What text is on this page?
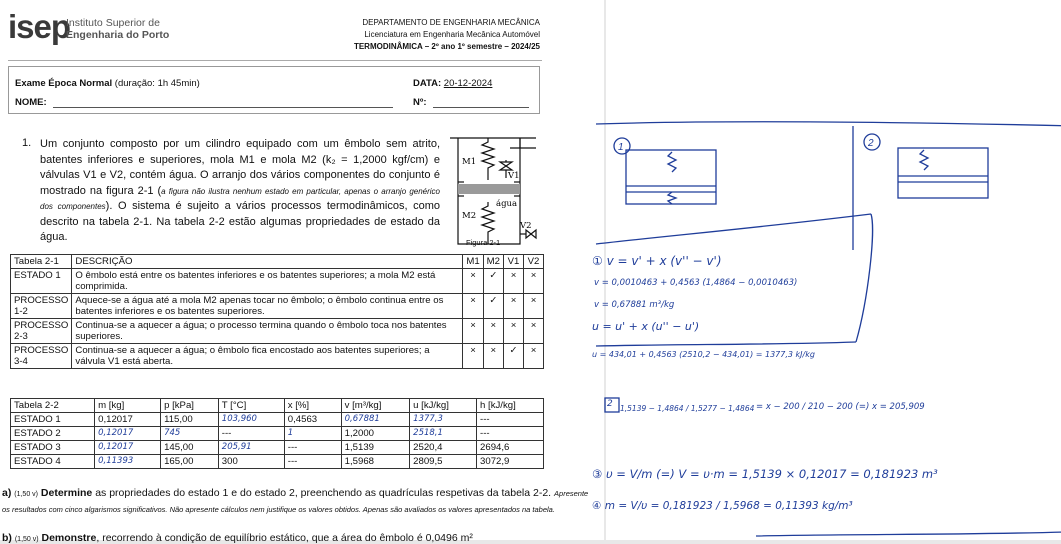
isep
Instituto Superior de
Engenharia do Porto
DEPARTAMENTO DE ENGENHARIA MECÂNICA
Licenciatura em Engenharia Mecânica Automóvel
TERMODINÂMICA – 2º ano 1º semestre – 2024/25
Exame Época Normal (duração: 1h 45min)	DATA: 20-12-2024
NOME:	Nº:
1. Um conjunto composto por um cilindro equipado com um êmbolo sem atrito, batentes inferiores e superiores, mola M1 e mola M2 (k₂ = 1,2000 kgf/cm) e válvulas V1 e V2, contém água. O arranjo dos vários componentes do conjunto é mostrado na figura 2-1 (a figura não ilustra nenhum estado em particular, apenas o arranjo genérico dos componentes). O sistema é sujeito a vários processos termodinâmicos, como descrito na tabela 2-1. Na tabela 2-2 estão algumas propriedades de estado da água.
M1
V1
M2
água
V2
Figura 2-1
Tabela 2-1	DESCRIÇÃO	M1	M2	V1	V2
ESTADO 1	O êmbolo está entre os batentes inferiores e os batentes superiores; a mola M2 está comprimida.	×	✓	×	×
PROCESSO 1-2	Aquece-se a água até a mola M2 apenas tocar no êmbolo; o êmbolo continua entre os batentes inferiores e os batentes superiores.	×	✓	×	×
PROCESSO 2-3	Continua-se a aquecer a água; o processo termina quando o êmbolo toca nos batentes superiores.	×	×	×	×
PROCESSO 3-4	Continua-se a aquecer a água; o êmbolo fica encostado aos batentes superiores; a válvula V1 está aberta.	×	×	✓	×
Tabela 2-2	m [kg]	p [kPa]	T [°C]	x [%]	v [m³/kg]	u [kJ/kg]	h [kJ/kg]
ESTADO 1	0,12017	115,00	103,960	0,4563	0,67881	1377,3	---
ESTADO 2	0,12017	745	---	1	1,2000	2518,1	---
ESTADO 3	0,12017	145,00	205,91	---	1,5139	2520,4	2694,6
ESTADO 4	0,11393	165,00	300	---	1,5968	2809,5	3072,9
a) (1,50 v) Determine as propriedades do estado 1 e do estado 2, preenchendo as quadrículas respetivas da tabela 2-2. Apresente os resultados com cinco algarismos significativos. Não apresente cálculos nem justifique os valores obtidos. Apenas são avaliados os valores apresentados na tabela.
b) (1,50 v) Demonstre, recorrendo à condição de equilíbrio estático, que a área do êmbolo é 0,0496 m²
1	2
① v = v' + x (v'' − v')
v = 0,0010463 + 0,4563 (1,4864 − 0,0010463)
v = 0,67881 m³/kg
u = u' + x (u'' − u')
u = 434,01 + 0,4563 (2510,2 − 434,01) = 1377,3 kJ/kg
2 1,5139 − 1,4864 / 1,5277 − 1,4864 = x − 200 / 210 − 200 (=) x = 205,909
③ υ = V/m (=) V = υ·m = 1,5139 × 0,12017 = 0,181923 m³
④ m = V/υ = 0,181923 / 1,5968 = 0,11393 kg/m³
